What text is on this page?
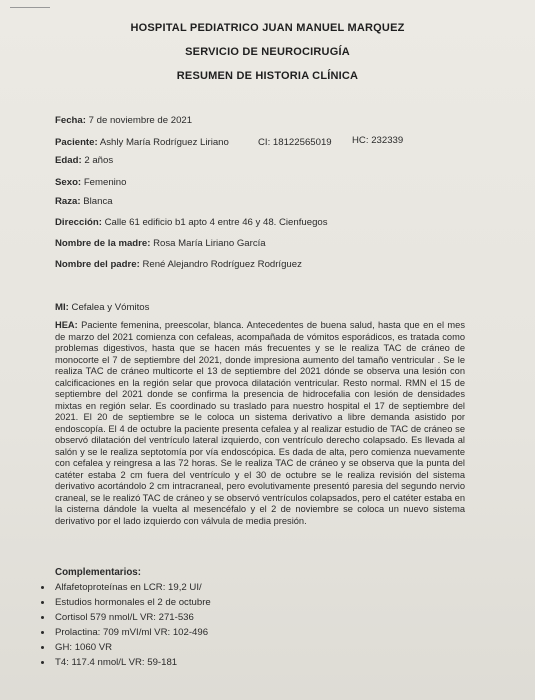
HOSPITAL PEDIATRICO JUAN MANUEL MARQUEZ
SERVICIO DE NEUROCIRUGÍA
RESUMEN DE HISTORIA CLÍNICA
Fecha: 7 de noviembre de 2021
Paciente: Ashly María Rodríguez Liriano	CI: 18122565019 HC: 232339
Edad: 2 años
Sexo: Femenino
Raza: Blanca
Dirección: Calle 61 edificio b1 apto 4 entre 46 y 48. Cienfuegos
Nombre de la madre: Rosa María Liriano García
Nombre del padre: René Alejandro Rodríguez Rodríguez
MI: Cefalea y Vómitos

HEA: Paciente femenina, preescolar, blanca. Antecedentes de buena salud, hasta que en el mes de marzo del 2021 comienza con cefaleas, acompañada de vómitos esporádicos, es tratada como problemas digestivos, hasta que se hacen más frecuentes y se le realiza TAC de cráneo de monocorte el 7 de septiembre del 2021, donde impresiona aumento del tamaño ventricular . Se le realiza TAC de cráneo multicorte el 13 de septiembre del 2021 dónde se observa una lesión con calcificaciones en la región selar que provoca dilatación ventricular. Resto normal. RMN el 15 de septiembre del 2021 donde se confirma la presencia de hidrocefalia con lesión de densidades mixtas en región selar. Es coordinado su traslado para nuestro hospital el 17 de septiembre del 2021. El 20 de septiembre se le coloca un sistema derivativo a libre demanda asistido por endoscopía. El 4 de octubre la paciente presenta cefalea y al realizar estudio de TAC de cráneo se observó dilatación del ventrículo lateral izquierdo, con ventrículo derecho colapsado. Es llevada al salón y se le realiza septotomía por vía endoscópica. Es dada de alta, pero comienza nuevamente con cefalea y reingresa a las 72 horas. Se le realiza TAC de cráneo y se observa que la punta del catéter estaba 2 cm fuera del ventrículo y el 30 de octubre se le realiza revisión del sistema derivativo acortándolo 2 cm intracraneal, pero evolutivamente presentó paresia del segundo nervio craneal, se le realizó TAC de cráneo y se observó ventrículos colapsados, pero el catéter estaba en la cisterna dándole la vuelta al mesencéfalo y el 2 de noviembre se coloca un nuevo sistema derivativo por el lado izquierdo con válvula de media presión.

Complementarios:
• Alfafetoproteínas en LCR: 19,2 UI/
• Estudios hormonales el 2 de octubre
• Cortisol 579 nmol/L VR: 271-536
• Prolactina: 709 mVI/ml VR: 102-496
• GH: 1060 VR
• T4: 117.4 nmol/L VR: 59-181
